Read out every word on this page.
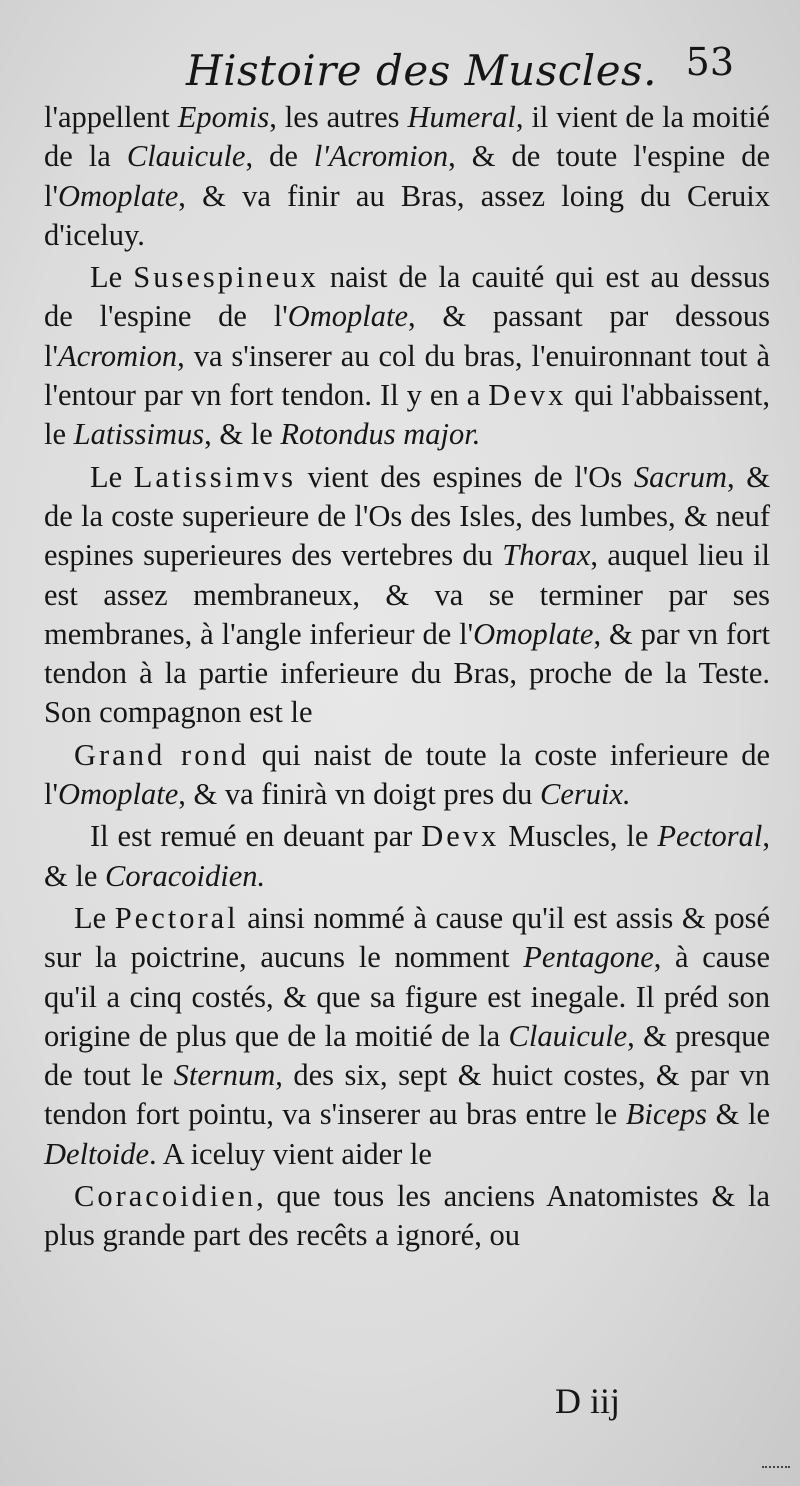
Histoire des Muscles. 53

l'appellent Epomis, les autres Humeral, il vient de la moitié de la Clauicule, de l'Acromion, & de toute l'espine de l'Omoplate, & va finir au Bras, assez loing du Ceruix d'iceluy.

Le Susespineux naist de la cauité qui est au dessus de l'espine de l'Omoplate, & passant par dessous l'Acromion, va s'inserer au col du bras, l'enuironnant tout à l'entour par vn fort tendon. Il y en a Devx qui l'abbaissent, le Latissimus, & le Rotondus major.

Le Latissimvs vient des espines de l'Os Sacrum, & de la coste superieure de l'Os des Isles, des lumbes, & neuf espines superieures des vertebres du Thorax, auquel lieu il est assez membraneux, & va se terminer par ses membranes, à l'angle inferieur de l'Omoplate, & par vn fort tendon à la partie inferieure du Bras, proche de la Teste. Son compagnon est le

Grand rond qui naist de toute la coste inferieure de l'Omoplate, & va finirà vn doigt pres du Ceruix.

Il est remué en deuant par Devx Muscles, le Pectoral, & le Coracoidien.

Le Pectoral ainsi nommé à cause qu'il est assis & posé sur la poictrine, aucuns le nomment Pentagone, à cause qu'il a cinq costés, & que sa figure est inegale. Il préd son origine de plus que de la moitié de la Clauicule, & presque de tout le Sternum, des six, sept & huict costes, & par vn tendon fort pointu, va s'inserer au bras entre le Biceps & le Deltoide. A iceluy vient aider le

Coracoidien, que tous les anciens Anatomistes & la plus grande part des recêts a ignoré, ou

D iij
